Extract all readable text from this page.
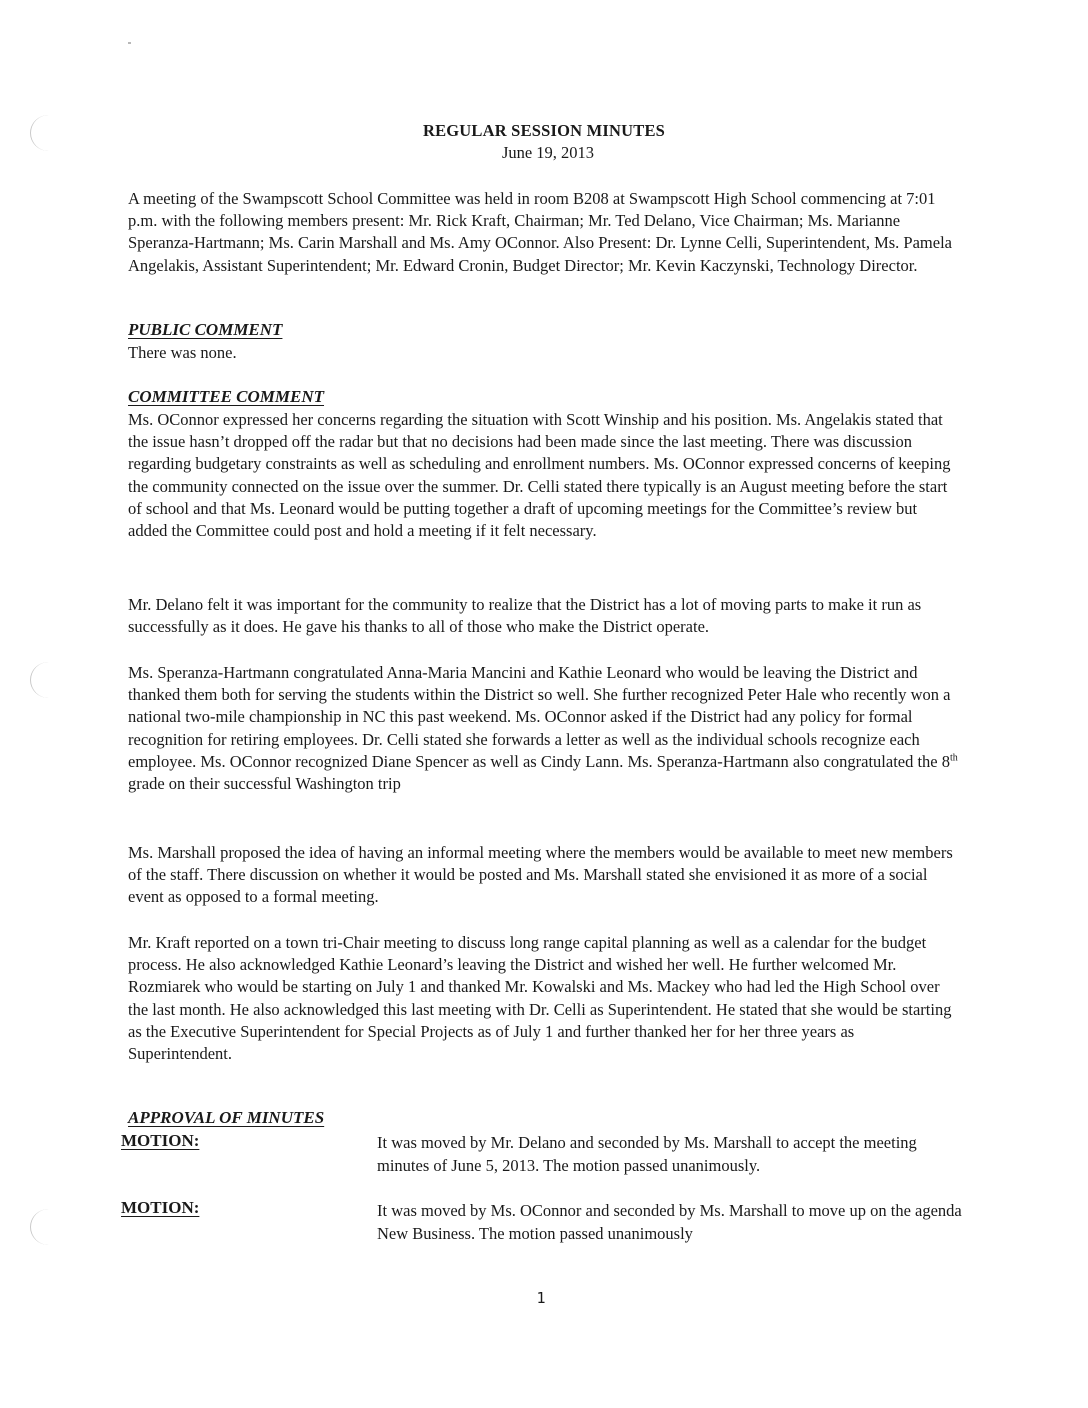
REGULAR SESSION MINUTES
June 19, 2013

A meeting of the Swampscott School Committee was held in room B208 at Swampscott High School commencing at 7:01 p.m. with the following members present: Mr. Rick Kraft, Chairman; Mr. Ted Delano, Vice Chairman; Ms. Marianne Speranza-Hartmann; Ms. Carin Marshall and Ms. Amy OConnor. Also Present: Dr. Lynne Celli, Superintendent, Ms. Pamela Angelakis, Assistant Superintendent; Mr. Edward Cronin, Budget Director; Mr. Kevin Kaczynski, Technology Director.

PUBLIC COMMENT

There was none.

COMMITTEE COMMENT

Ms. OConnor expressed her concerns regarding the situation with Scott Winship and his position. Ms. Angelakis stated that the issue hasn’t dropped off the radar but that no decisions had been made since the last meeting. There was discussion regarding budgetary constraints as well as scheduling and enrollment numbers. Ms. OConnor expressed concerns of keeping the community connected on the issue over the summer. Dr. Celli stated there typically is an August meeting before the start of school and that Ms. Leonard would be putting together a draft of upcoming meetings for the Committee’s review but added the Committee could post and hold a meeting if it felt necessary.

Mr. Delano felt it was important for the community to realize that the District has a lot of moving parts to make it run as successfully as it does. He gave his thanks to all of those who make the District operate.

Ms. Speranza-Hartmann congratulated Anna-Maria Mancini and Kathie Leonard who would be leaving the District and thanked them both for serving the students within the District so well. She further recognized Peter Hale who recently won a national two-mile championship in NC this past weekend. Ms. OConnor asked if the District had any policy for formal recognition for retiring employees. Dr. Celli stated she forwards a letter as well as the individual schools recognize each employee. Ms. OConnor recognized Diane Spencer as well as Cindy Lann. Ms. Speranza-Hartmann also congratulated the 8th grade on their successful Washington trip

Ms. Marshall proposed the idea of having an informal meeting where the members would be available to meet new members of the staff. There discussion on whether it would be posted and Ms. Marshall stated she envisioned it as more of a social event as opposed to a formal meeting.

Mr. Kraft reported on a town tri-Chair meeting to discuss long range capital planning as well as a calendar for the budget process. He also acknowledged Kathie Leonard’s leaving the District and wished her well. He further welcomed Mr. Rozmiarek who would be starting on July 1 and thanked Mr. Kowalski and Ms. Mackey who had led the High School over the last month. He also acknowledged this last meeting with Dr. Celli as Superintendent. He stated that she would be starting as the Executive Superintendent for Special Projects as of July 1 and further thanked her for her three years as Superintendent.

APPROVAL OF MINUTES
MOTION:	It was moved by Mr. Delano and seconded by Ms. Marshall to accept the meeting minutes of June 5, 2013. The motion passed unanimously.
MOTION:	It was moved by Ms. OConnor and seconded by Ms. Marshall to move up on the agenda New Business. The motion passed unanimously
1
